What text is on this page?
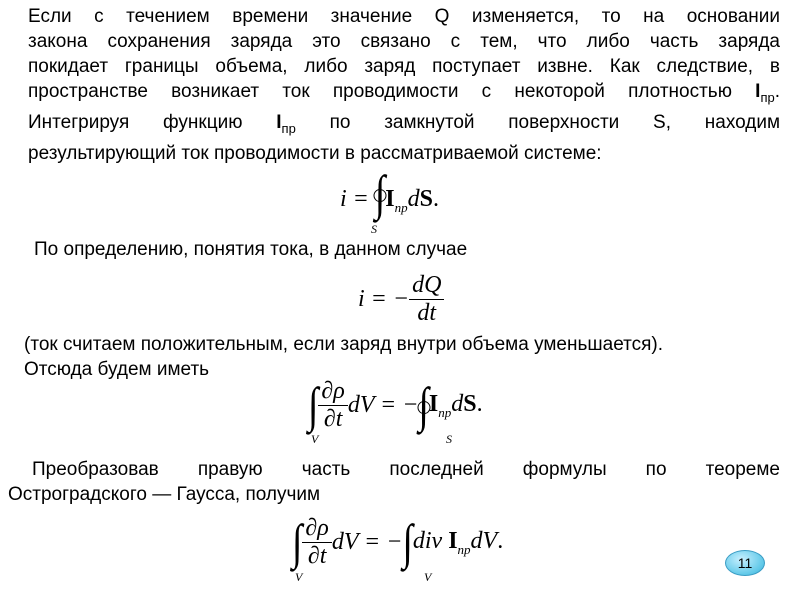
Если с течением времени значение Q изменяется, то на основании
закона сохранения заряда это связано с тем, что либо часть заряда
покидает границы объема, либо заряд поступает извне. Как следствие, в
пространстве возникает ток проводимости с некоторой плотностью $I_{пр}$.
Интегрируя функцию $I_{пр}$ по замкнутой поверхности S, находим
результирующий ток проводимости в рассматриваемой системе:
i = ∫
$I_{пр}dS$.
S
По определению, понятия тока, в данном случае
i = − $\frac{dQ}{dt}$
(ток считаем положительным, если заряд внутри объема уменьшается).
Отсюда будем иметь
∫ $\frac{\partial\rho}{\partial t}$ dV = −∫
$I_{пр}dS$.
V	S
Преобразовав правую часть последней формулы по теореме
Остроградского — Гаусса, получим
∫ $\frac{\partial\rho}{\partial t}$ dV = −∫div $I_{пр}dV$.
V	V
11
